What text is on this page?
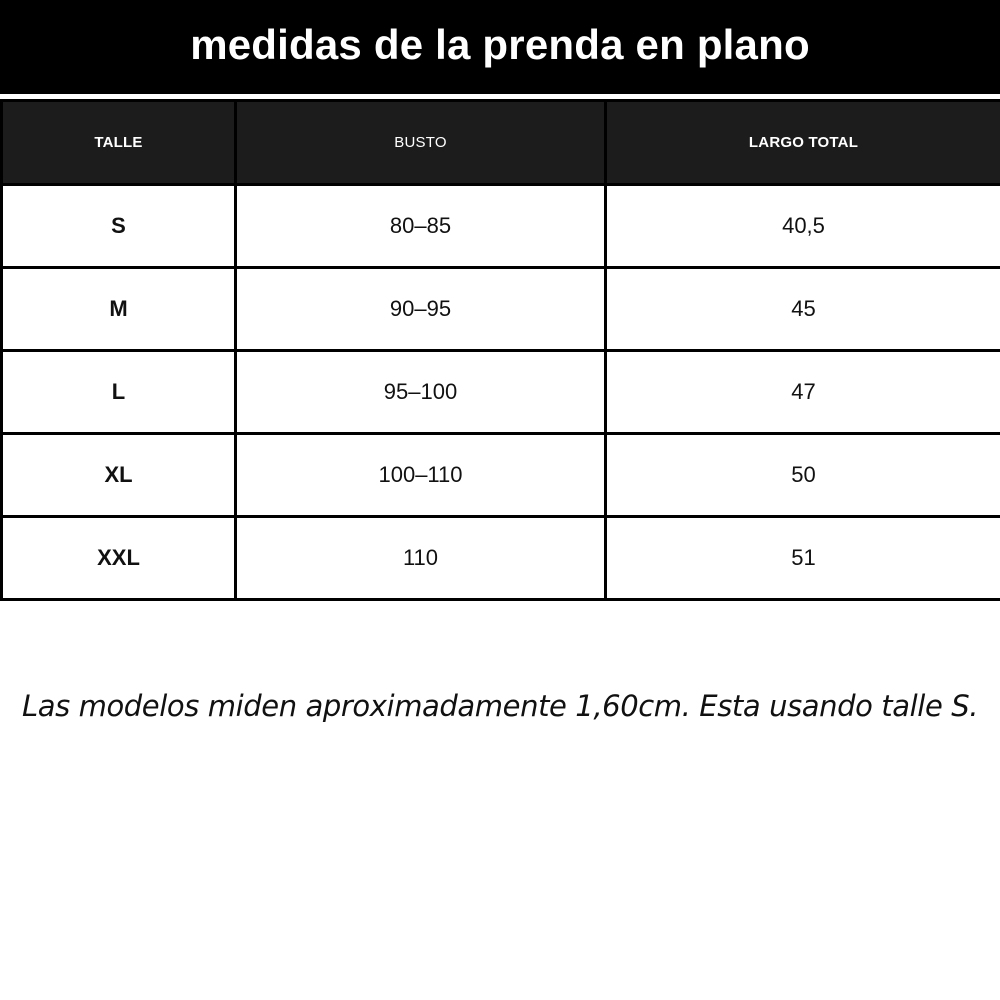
medidas de la prenda en plano
TALLE	BUSTO	LARGO TOTAL
S	80–85	40,5
M	90–95	45
L	95–100	47
XL	100–110	50
XXL	110	51

Las modelos miden aproximadamente 1,60cm. Esta usando talle S.
